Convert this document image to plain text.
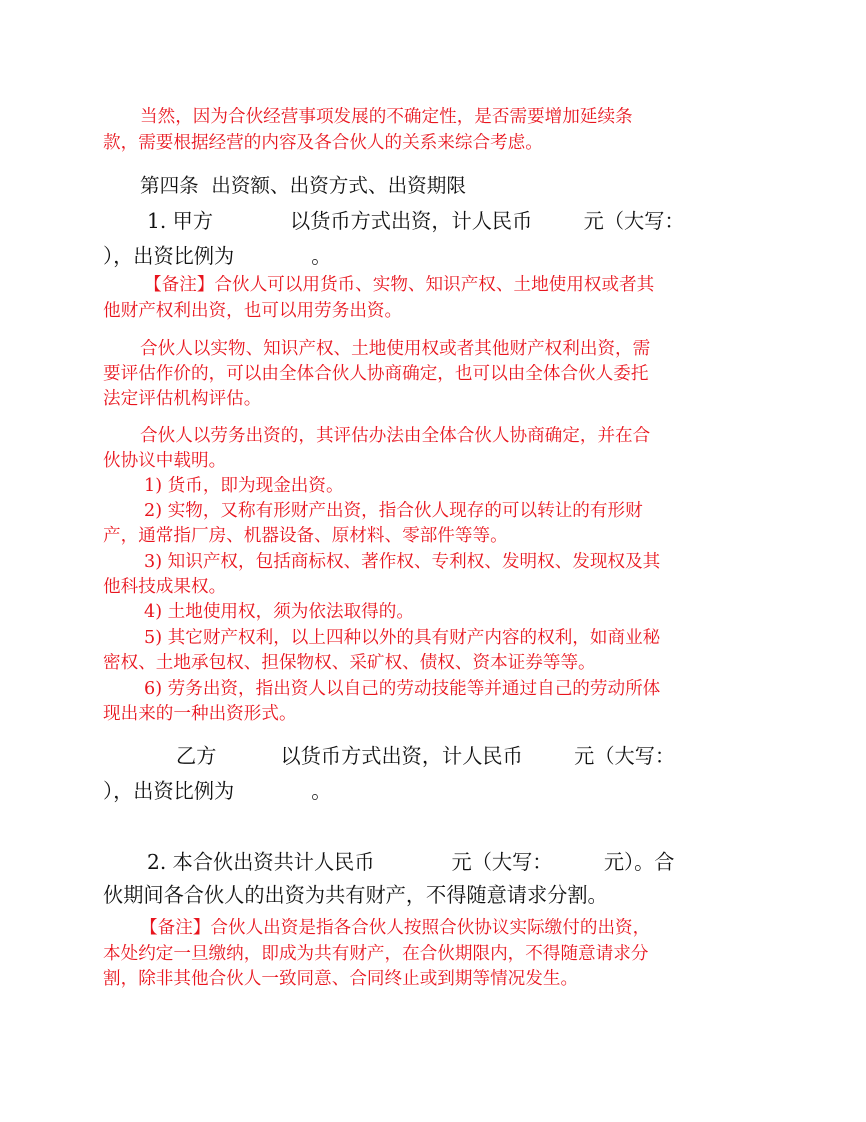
当然，因为合伙经营事项发展的不确定性，是否需要增加延续条
款，需要根据经营的内容及各合伙人的关系来综合考虑。
第四条  出资额、出资方式、出资期限
1. 甲方            以货币方式出资，计人民币        元（大写：
），出资比例为            。
【备注】合伙人可以用货币、实物、知识产权、土地使用权或者其
他财产权利出资，也可以用劳务出资。
合伙人以实物、知识产权、土地使用权或者其他财产权利出资，需
要评估作价的，可以由全体合伙人协商确定，也可以由全体合伙人委托
法定评估机构评估。
合伙人以劳务出资的，其评估办法由全体合伙人协商确定，并在合
伙协议中载明。
1) 货币，即为现金出资。
2) 实物，又称有形财产出资，指合伙人现存的可以转让的有形财
产，通常指厂房、机器设备、原材料、零部件等等。
3) 知识产权，包括商标权、著作权、专利权、发明权、发现权及其
他科技成果权。
4) 土地使用权，须为依法取得的。
5) 其它财产权利，以上四种以外的具有财产内容的权利，如商业秘
密权、土地承包权、担保物权、采矿权、债权、资本证券等等。
6) 劳务出资，指出资人以自己的劳动技能等并通过自己的劳动所体
现出来的一种出资形式。
乙方          以货币方式出资，计人民币        元（大写：
），出资比例为            。
2. 本合伙出资共计人民币            元（大写：        元）。合
伙期间各合伙人的出资为共有财产，不得随意请求分割。
【备注】合伙人出资是指各合伙人按照合伙协议实际缴付的出资，
本处约定一旦缴纳，即成为共有财产，在合伙期限内，不得随意请求分
割，除非其他合伙人一致同意、合同终止或到期等情况发生。
